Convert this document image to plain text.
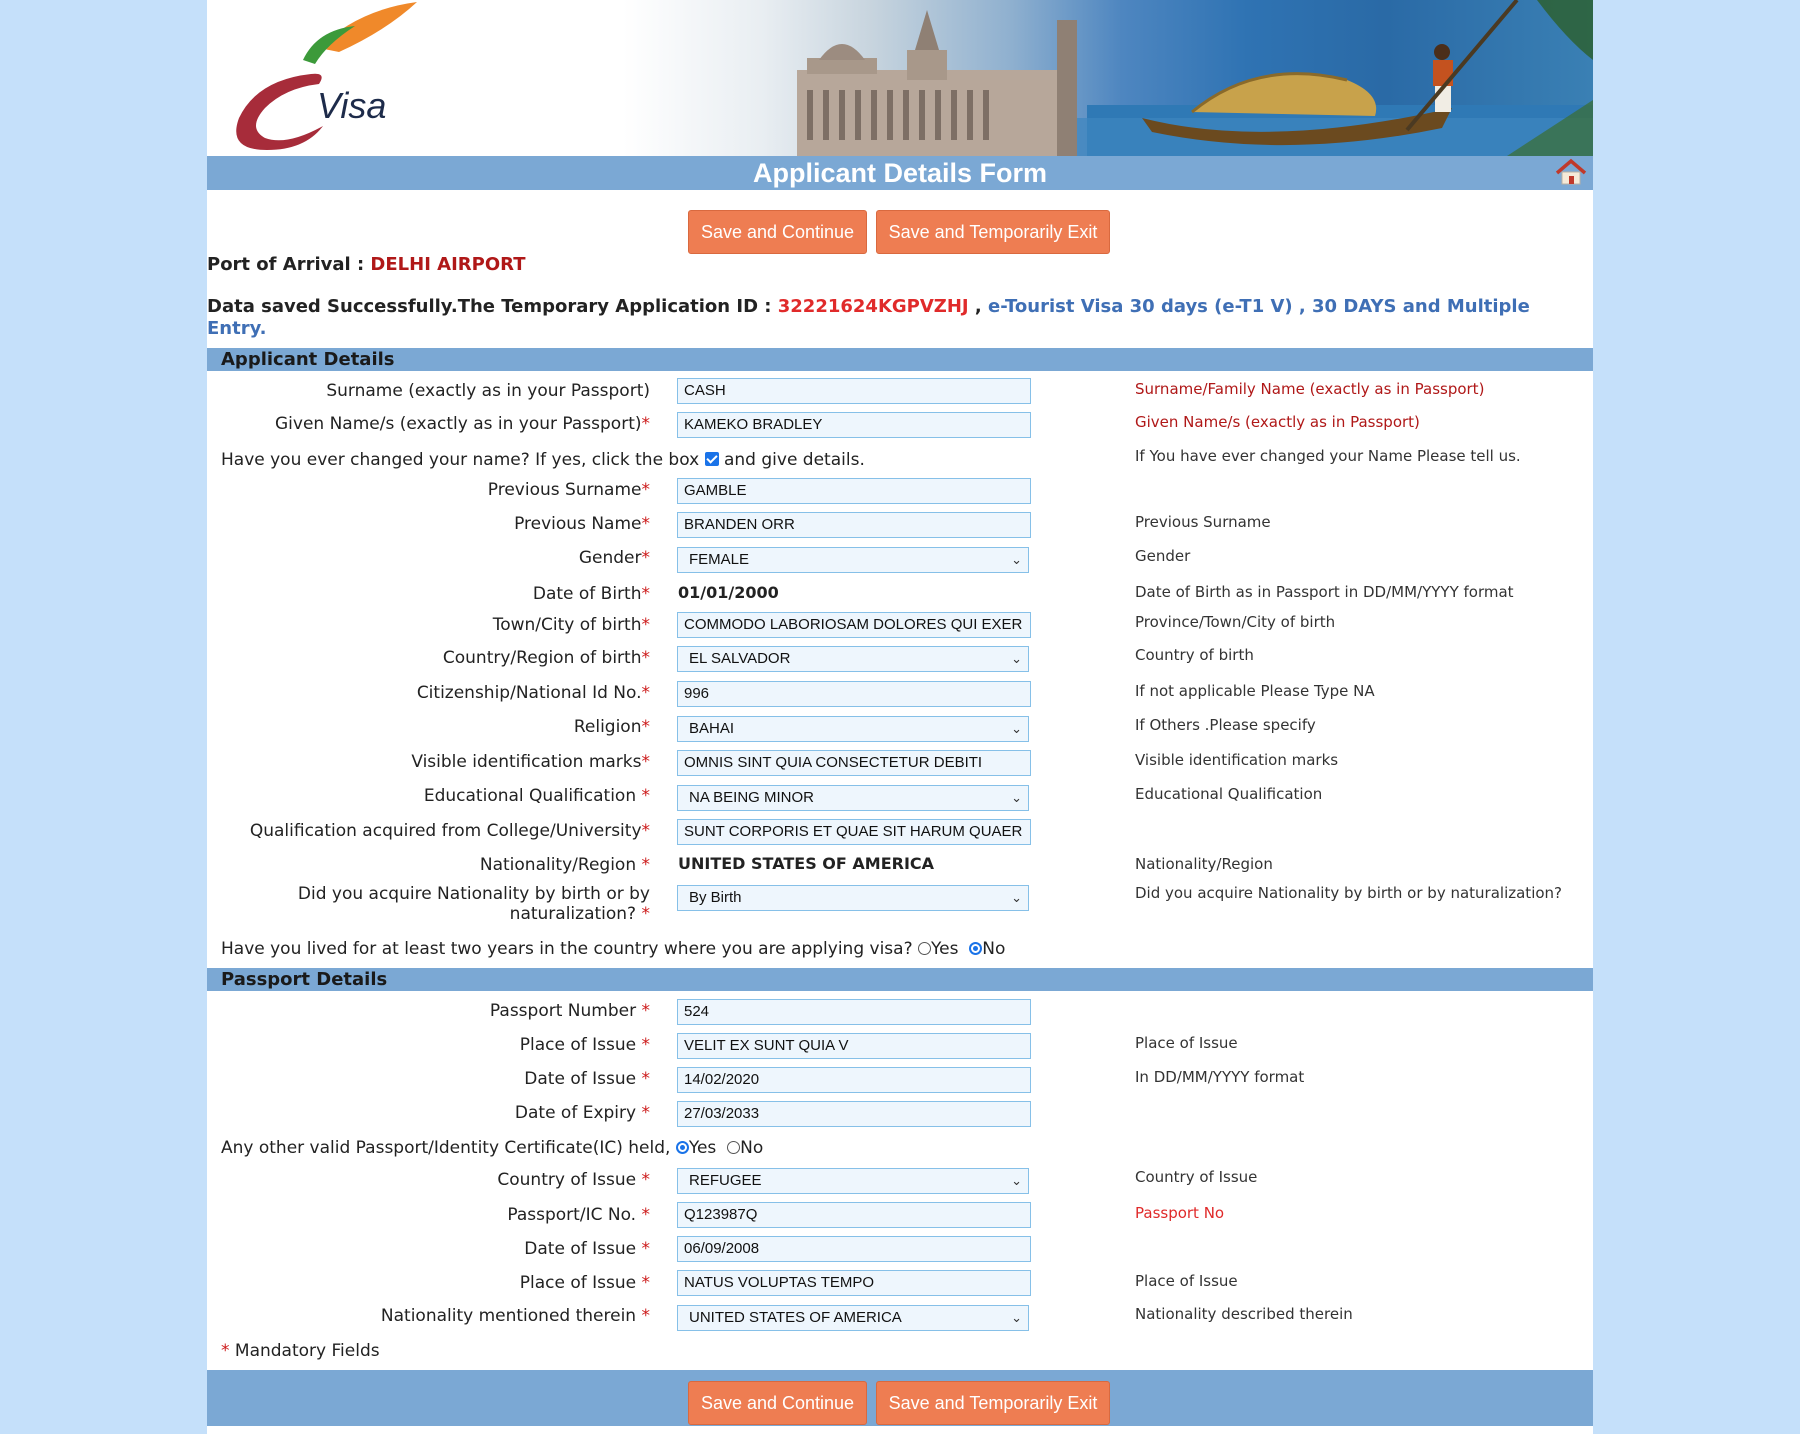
Visa
Applicant Details Form
Save and Continue	Save and Temporarily Exit
Port of Arrival : DELHI AIRPORT
Data saved Successfully.The Temporary Application ID : 32221624KGPVZHJ , e-Tourist Visa 30 days (e-T1 V) , 30 DAYS and Multiple
Entry.
Applicant Details
Surname (exactly as in your Passport)	CASH	Surname/Family Name (exactly as in Passport)
Given Name/s (exactly as in your Passport)*	KAMEKO BRADLEY	Given Name/s (exactly as in Passport)
Have you ever changed your name? If yes, click the box and give details.	If You have ever changed your Name Please tell us.
Previous Surname*	GAMBLE
Previous Name*	BRANDEN ORR	Previous Surname
Gender*	FEMALE	⌄	Gender
Date of Birth* 01/01/2000	Date of Birth as in Passport in DD/MM/YYYY format
Town/City of birth*	COMMODO LABORIOSAM DOLORES QUI EXER	Province/Town/City of birth
Country/Region of birth*	EL SALVADOR	⌄	Country of birth
Citizenship/National Id No.*	996	If not applicable Please Type NA
Religion*	BAHAI	⌄	If Others .Please specify
Visible identification marks*	OMNIS SINT QUIA CONSECTETUR DEBITI	Visible identification marks
Educational Qualification *	NA BEING MINOR	⌄	Educational Qualification
Qualification acquired from College/University*	SUNT CORPORIS ET QUAE SIT HARUM QUAER
Nationality/Region * UNITED STATES OF AMERICA	Nationality/Region
Did you acquire Nationality by birth or by
naturalization? *
By Birth	⌄	Did you acquire Nationality by birth or by naturalization?
Have you lived for at least two years in the country where you are applying visa? Yes No
Passport Details
Passport Number *	524
Place of Issue *	VELIT EX SUNT QUIA V	Place of Issue
Date of Issue *	14/02/2020	In DD/MM/YYYY format
Date of Expiry *	27/03/2033
Any other valid Passport/Identity Certificate(IC) held, Yes No
Country of Issue *	REFUGEE	⌄	Country of Issue
Passport/IC No. *	Q123987Q	Passport No
Date of Issue *	06/09/2008
Place of Issue *	NATUS VOLUPTAS TEMPO	Place of Issue
Nationality mentioned therein *	UNITED STATES OF AMERICA	⌄	Nationality described therein
* Mandatory Fields
Save and Continue	Save and Temporarily Exit
